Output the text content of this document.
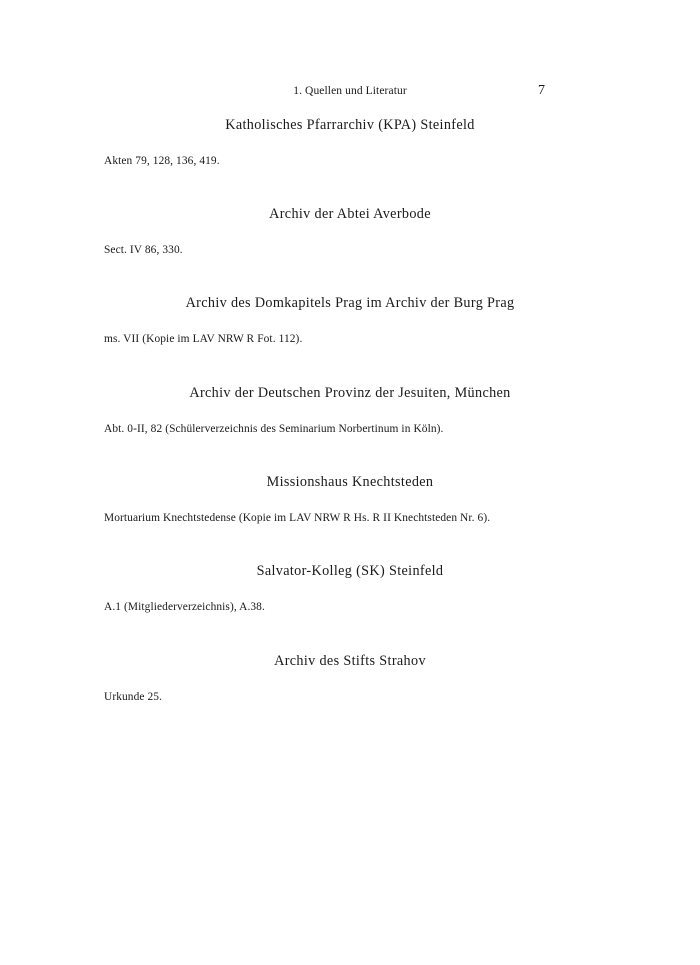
1. Quellen und Literatur	7
Katholisches Pfarrarchiv (KPA) Steinfeld
Akten 79, 128, 136, 419.
Archiv der Abtei Averbode
Sect. IV 86, 330.
Archiv des Domkapitels Prag im Archiv der Burg Prag
ms. VII (Kopie im LAV NRW R Fot. 112).
Archiv der Deutschen Provinz der Jesuiten, München
Abt. 0-II, 82 (Schülerverzeichnis des Seminarium Norbertinum in Köln).
Missionshaus Knechtsteden
Mortuarium Knechtstedense (Kopie im LAV NRW R Hs. R II Knechtsteden Nr. 6).
Salvator-Kolleg (SK) Steinfeld
A.1 (Mitgliederverzeichnis), A.38.
Archiv des Stifts Strahov
Urkunde 25.
